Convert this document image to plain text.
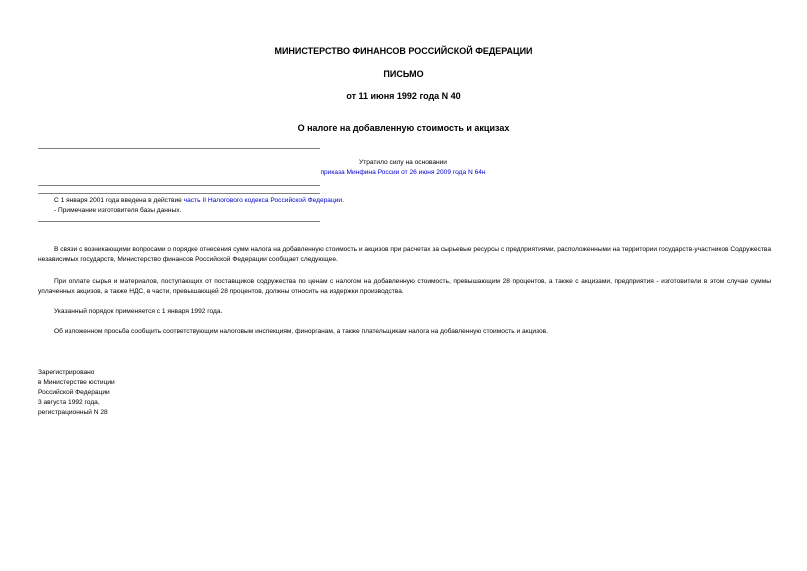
МИНИСТЕРСТВО ФИНАНСОВ РОССИЙСКОЙ ФЕДЕРАЦИИ
ПИСЬМО
от 11 июня 1992 года N 40
О налоге на добавленную стоимость и акцизах
Утратило силу на основании
приказа Минфина России от 26 июня 2009 года N 64н
С 1 января 2001 года введена в действие часть II Налогового кодекса Российской Федерации.
- Примечание изготовителя базы данных.

В связи с возникающими вопросами о порядке отнесения сумм налога на добавленную стоимость и акцизов при расчетах за сырьевые ресурсы с предприятиями, расположенными на территории государств-участников Содружества независимых государств, Министерство финансов Российской Федерации сообщает следующее.

При оплате сырья и материалов, поступающих от поставщиков содружества по ценам с налогом на добавленную стоимость, превышающим 28 процентов, а также с акцизами, предприятия - изготовители в этом случае суммы уплаченных акцизов, а также НДС, в части, превышающей 28 процентов, должны относить на издержки производства.

Указанный порядок применяется с 1 января 1992 года.

Об изложенном просьба сообщить соответствующим налоговым инспекциям, финорганам, а также плательщикам налога на добавленную стоимость и акцизов.

Зарегистрировано
в Министерстве юстиции
Российской Федерации
3 августа 1992 года,
регистрационный N 28
